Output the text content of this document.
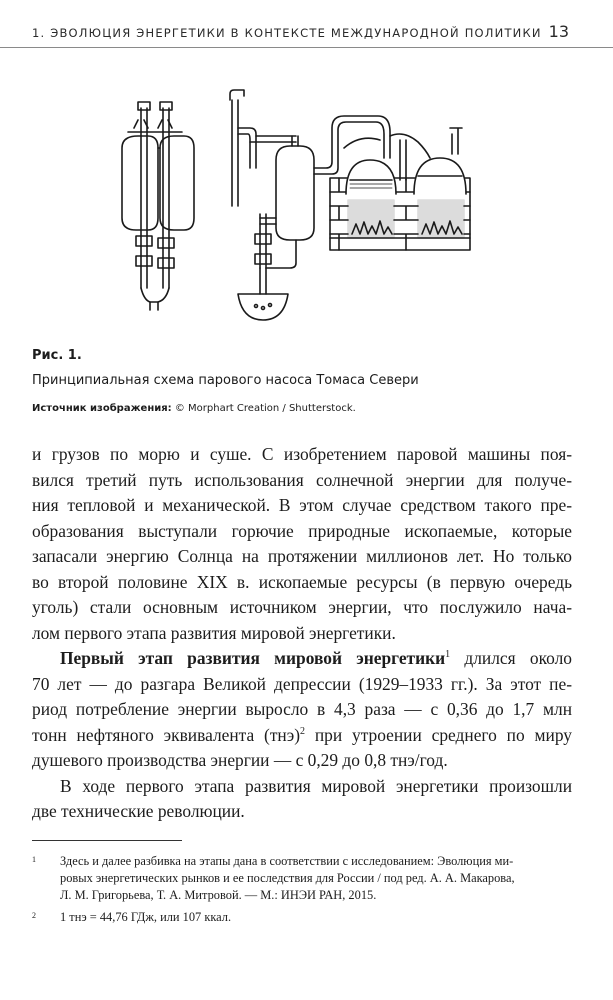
1. ЭВОЛЮЦИЯ ЭНЕРГЕТИКИ В КОНТЕКСТЕ МЕЖДУНАРОДНОЙ ПОЛИТИКИ 13
Рис. 1.
Принципиальная схема парового насоса Томаса Севери
Источник изображения: © Morphart Creation / Shutterstock.

и грузов по морю и суше. С изобретением паровой машины поя-
вился третий путь использования солнечной энергии для получе-
ния тепловой и механической. В этом случае средством такого пре-
образования выступали горючие природные ископаемые, которые
запасали энергию Солнца на протяжении миллионов лет. Но только
во второй половине XIX в. ископаемые ресурсы (в первую очередь
уголь) стали основным источником энергии, что послужило нача-
лом первого этапа развития мировой энергетики.

Первый этап развития мировой энергетики$^1$ длился около
70 лет — до разгара Великой депрессии (1929–1933 гг.). За этот пе-
риод потребление энергии выросло в 4,3 раза — с 0,36 до 1,7 млн
тонн нефтяного эквивалента (тнэ)$^2$ при утроении среднего по миру
душевого производства энергии — с 0,29 до 0,8 тнэ/год.

В ходе первого этапа развития мировой энергетики произошли
две технические революции.

1 Здесь и далее разбивка на этапы дана в соответствии с исследованием: Эволюция ми-
ровых энергетических рынков и ее последствия для России / под ред. А. А. Макарова,
Л. М. Григорьева, Т. А. Митровой. — М.: ИНЭИ РАН, 2015.
2 1 тнэ = 44,76 ГДж, или 107 ккал.
